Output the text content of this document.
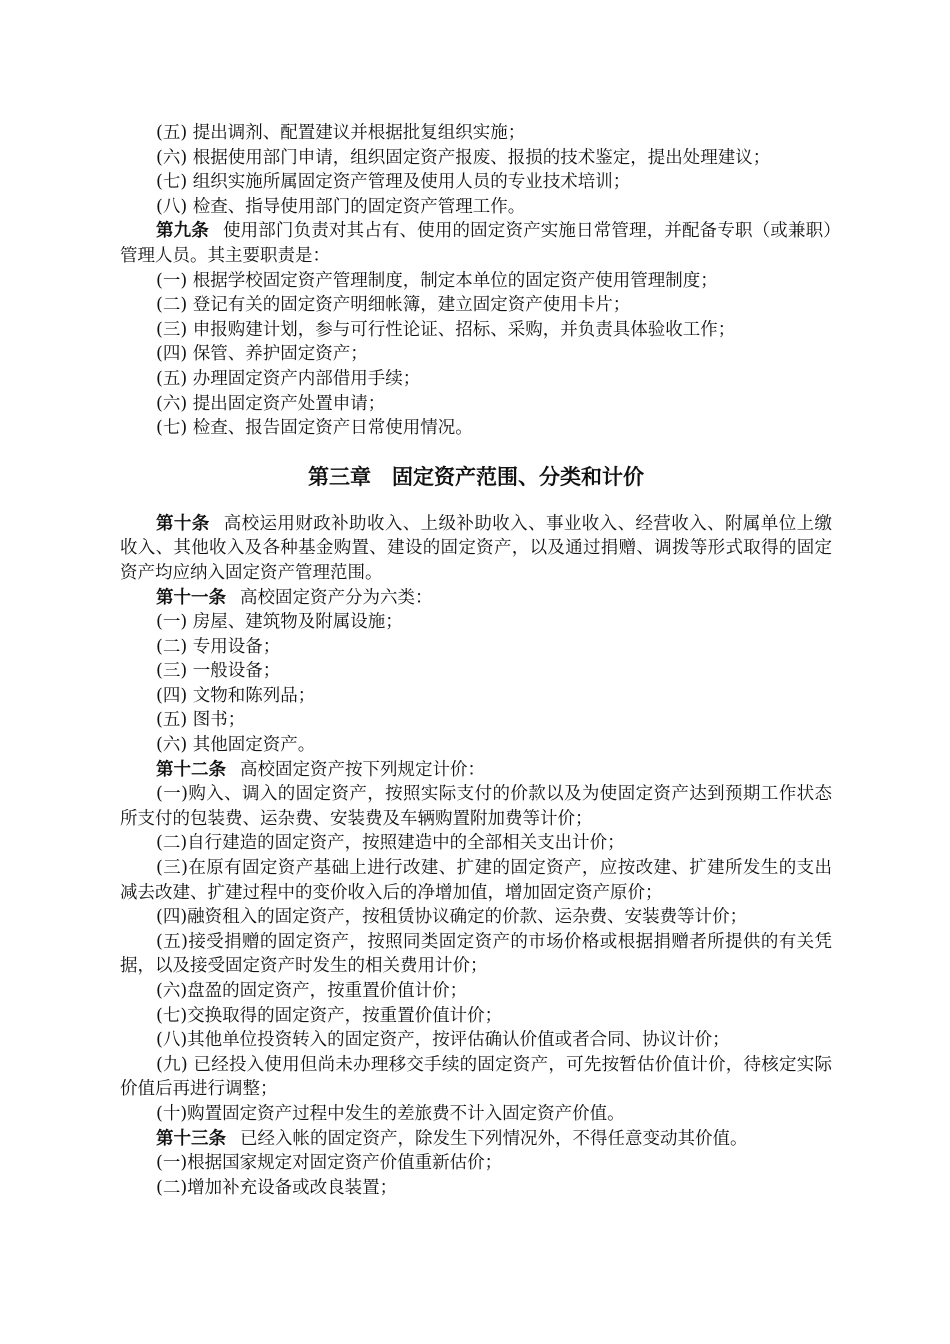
(五) 提出调剂、配置建议并根据批复组织实施；
(六) 根据使用部门申请，组织固定资产报废、报损的技术鉴定，提出处理建议；
(七) 组织实施所属固定资产管理及使用人员的专业技术培训；
(八) 检查、指导使用部门的固定资产管理工作。
第九条 使用部门负责对其占有、使用的固定资产实施日常管理，并配备专职（或兼职）管理人员。其主要职责是：
(一) 根据学校固定资产管理制度，制定本单位的固定资产使用管理制度；
(二) 登记有关的固定资产明细帐簿，建立固定资产使用卡片；
(三) 申报购建计划，参与可行性论证、招标、采购，并负责具体验收工作；
(四) 保管、养护固定资产；
(五) 办理固定资产内部借用手续；
(六) 提出固定资产处置申请；
(七) 检查、报告固定资产日常使用情况。
第三章　固定资产范围、分类和计价
第十条 高校运用财政补助收入、上级补助收入、事业收入、经营收入、附属单位上缴收入、其他收入及各种基金购置、建设的固定资产，以及通过捐赠、调拨等形式取得的固定资产均应纳入固定资产管理范围。
第十一条 高校固定资产分为六类：
(一) 房屋、建筑物及附属设施；
(二) 专用设备；
(三) 一般设备；
(四) 文物和陈列品；
(五) 图书；
(六) 其他固定资产。
第十二条 高校固定资产按下列规定计价：
(一)购入、调入的固定资产，按照实际支付的价款以及为使固定资产达到预期工作状态所支付的包装费、运杂费、安装费及车辆购置附加费等计价；
(二)自行建造的固定资产，按照建造中的全部相关支出计价；
(三)在原有固定资产基础上进行改建、扩建的固定资产，应按改建、扩建所发生的支出减去改建、扩建过程中的变价收入后的净增加值，增加固定资产原价；
(四)融资租入的固定资产，按租赁协议确定的价款、运杂费、安装费等计价；
(五)接受捐赠的固定资产，按照同类固定资产的市场价格或根据捐赠者所提供的有关凭据，以及接受固定资产时发生的相关费用计价；
(六)盘盈的固定资产，按重置价值计价；
(七)交换取得的固定资产，按重置价值计价；
(八)其他单位投资转入的固定资产，按评估确认价值或者合同、协议计价；
(九) 已经投入使用但尚未办理移交手续的固定资产，可先按暂估价值计价，待核定实际价值后再进行调整；
(十)购置固定资产过程中发生的差旅费不计入固定资产价值。
第十三条 已经入帐的固定资产，除发生下列情况外，不得任意变动其价值。
(一)根据国家规定对固定资产价值重新估价；
(二)增加补充设备或改良装置；
